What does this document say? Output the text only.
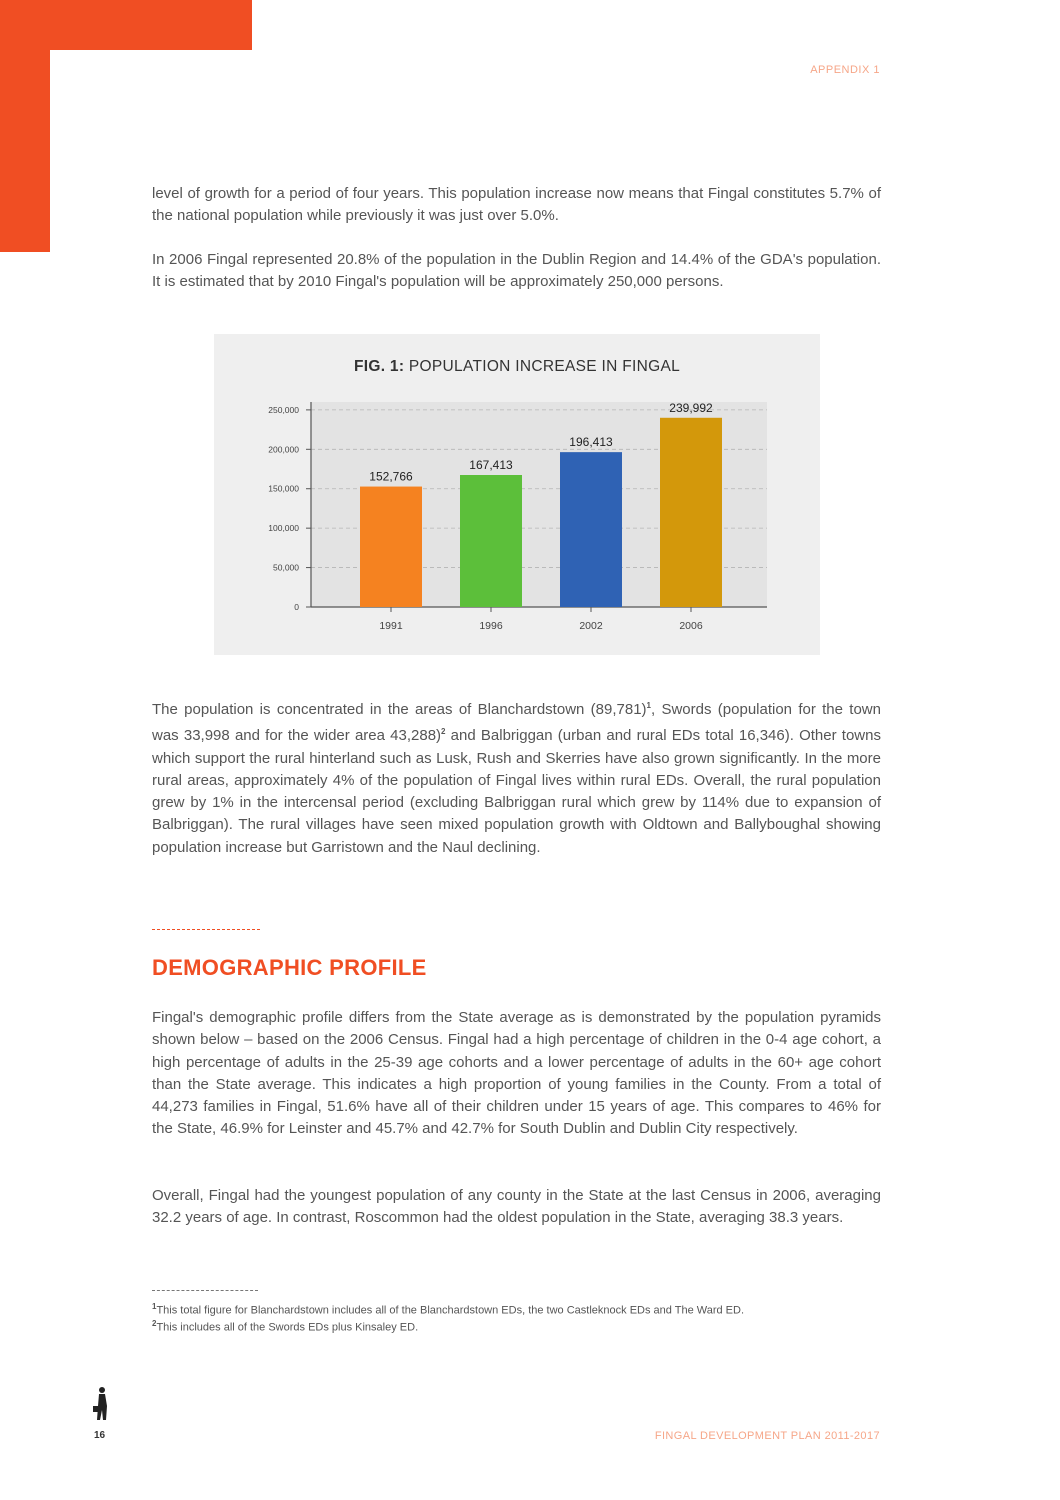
APPENDIX 1

level of growth for a period of four years. This population increase now means that Fingal constitutes 5.7% of the national population while previously it was just over 5.0%.

In 2006 Fingal represented 20.8% of the population in the Dublin Region and 14.4% of the GDA's population. It is estimated that by 2010 Fingal's population will be approximately 250,000 persons.

FIG. 1: POPULATION INCREASE IN FINGAL
0
50,000
100,000
150,000
200,000
250,000
152,766
1991
167,413
1996
196,413
2002
239,992
2006

The population is concentrated in the areas of Blanchardstown (89,781)$^1$, Swords (population for the town was 33,998 and for the wider area 43,288)$^2$ and Balbriggan (urban and rural EDs total 16,346). Other towns which support the rural hinterland such as Lusk, Rush and Skerries have also grown significantly. In the more rural areas, approximately 4% of the population of Fingal lives within rural EDs. Overall, the rural population grew by 1% in the intercensal period (excluding Balbriggan rural which grew by 114% due to expansion of Balbriggan). The rural villages have seen mixed population growth with Oldtown and Ballyboughal showing population increase but Garristown and the Naul declining.

DEMOGRAPHIC PROFILE

Fingal's demographic profile differs from the State average as is demonstrated by the population pyramids shown below – based on the 2006 Census. Fingal had a high percentage of children in the 0-4 age cohort, a high percentage of adults in the 25-39 age cohorts and a lower percentage of adults in the 60+ age cohort than the State average. This indicates a high proportion of young families in the County. From a total of 44,273 families in Fingal, 51.6% have all of their children under 15 years of age. This compares to 46% for the State, 46.9% for Leinster and 45.7% and 42.7% for South Dublin and Dublin City respectively.

Overall, Fingal had the youngest population of any county in the State at the last Census in 2006, averaging 32.2 years of age. In contrast, Roscommon had the oldest population in the State, averaging 38.3 years.

$^1$This total figure for Blanchardstown includes all of the Blanchardstown EDs, the two Castleknock EDs and The Ward ED.
$^2$This includes all of the Swords EDs plus Kinsaley ED.
16	FINGAL DEVELOPMENT PLAN 2011-2017
